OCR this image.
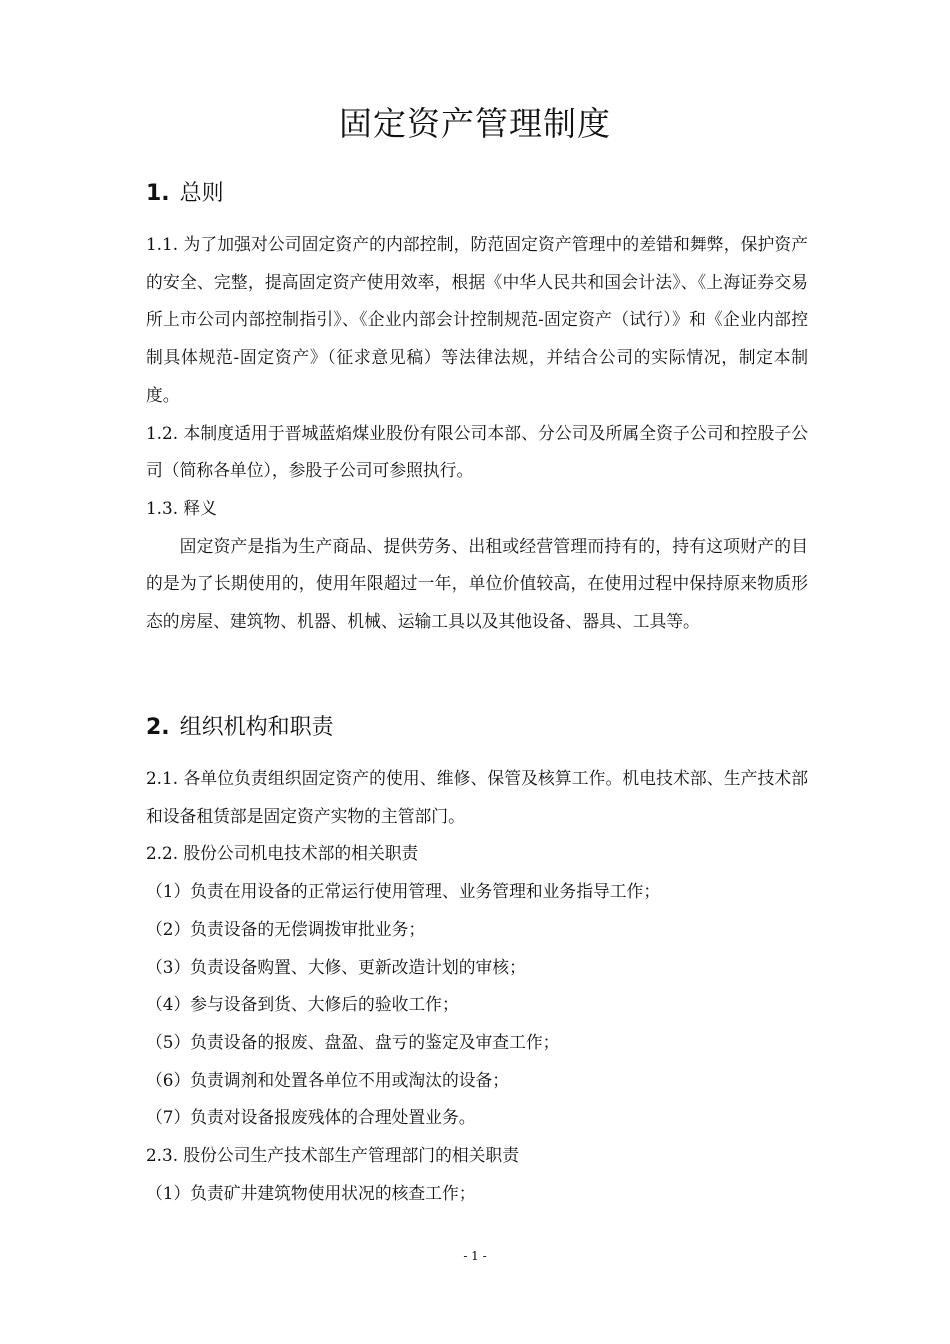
固定资产管理制度
1. 总则

1.1. 为了加强对公司固定资产的内部控制，防范固定资产管理中的差错和舞弊，保护资产的安全、完整，提高固定资产使用效率，根据《中华人民共和国会计法》、《上海证券交易所上市公司内部控制指引》、《企业内部会计控制规范-固定资产（试行）》和《企业内部控制具体规范-固定资产》（征求意见稿）等法律法规，并结合公司的实际情况，制定本制度。

1.2. 本制度适用于晋城蓝焰煤业股份有限公司本部、分公司及所属全资子公司和控股子公司（简称各单位），参股子公司可参照执行。

1.3. 释义

固定资产是指为生产商品、提供劳务、出租或经营管理而持有的，持有这项财产的目的是为了长期使用的，使用年限超过一年，单位价值较高，在使用过程中保持原来物质形态的房屋、建筑物、机器、机械、运输工具以及其他设备、器具、工具等。

2. 组织机构和职责

2.1. 各单位负责组织固定资产的使用、维修、保管及核算工作。机电技术部、生产技术部和设备租赁部是固定资产实物的主管部门。

2.2. 股份公司机电技术部的相关职责

（1）负责在用设备的正常运行使用管理、业务管理和业务指导工作；

（2）负责设备的无偿调拨审批业务；

（3）负责设备购置、大修、更新改造计划的审核；

（4）参与设备到货、大修后的验收工作；

（5）负责设备的报废、盘盈、盘亏的鉴定及审查工作；

（6）负责调剂和处置各单位不用或淘汰的设备；

（7）负责对设备报废残体的合理处置业务。

2.3. 股份公司生产技术部生产管理部门的相关职责

（1）负责矿井建筑物使用状况的核查工作；

- 1 -
